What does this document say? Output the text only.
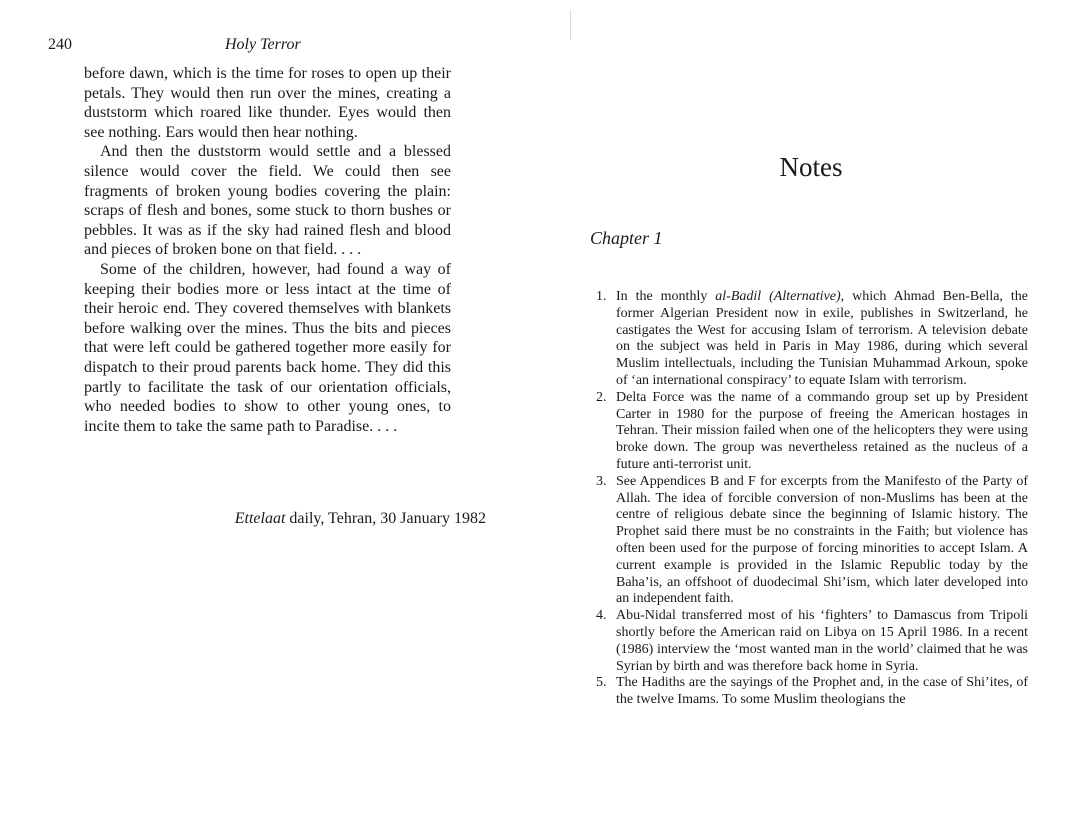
240	Holy Terror

before dawn, which is the time for roses to open up their petals. They would then run over the mines, creating a duststorm which roared like thunder. Eyes would then see nothing. Ears would then hear nothing.

And then the duststorm would settle and a blessed silence would cover the field. We could then see fragments of broken young bodies covering the plain: scraps of flesh and bones, some stuck to thorn bushes or pebbles. It was as if the sky had rained flesh and blood and pieces of broken bone on that field. . . .

Some of the children, however, had found a way of keeping their bodies more or less intact at the time of their heroic end. They covered themselves with blankets before walking over the mines. Thus the bits and pieces that were left could be gathered together more easily for dispatch to their proud parents back home. They did this partly to facilitate the task of our orientation officials, who needed bodies to show to other young ones, to incite them to take the same path to Paradise. . . .

Ettelaat daily, Tehran, 30 January 1982
Notes
Chapter 1
1. In the monthly al-Badil (Alternative), which Ahmad Ben-Bella, the former Algerian President now in exile, publishes in Switzerland, he castigates the West for accusing Islam of terrorism. A television debate on the subject was held in Paris in May 1986, during which several Muslim intellectuals, including the Tunisian Muhammad Arkoun, spoke of ‘an international conspiracy’ to equate Islam with terrorism.
2. Delta Force was the name of a commando group set up by President Carter in 1980 for the purpose of freeing the American hostages in Tehran. Their mission failed when one of the helicopters they were using broke down. The group was nevertheless retained as the nucleus of a future anti-terrorist unit.
3. See Appendices B and F for excerpts from the Manifesto of the Party of Allah. The idea of forcible conversion of non-Muslims has been at the centre of religious debate since the beginning of Islamic history. The Prophet said there must be no constraints in the Faith; but violence has often been used for the purpose of forcing minorities to accept Islam. A current example is provided in the Islamic Republic today by the Baha’is, an offshoot of duodecimal Shi’ism, which later developed into an independent faith.
4. Abu-Nidal transferred most of his ‘fighters’ to Damascus from Tripoli shortly before the American raid on Libya on 15 April 1986. In a recent (1986) interview the ‘most wanted man in the world’ claimed that he was Syrian by birth and was therefore back home in Syria.
5. The Hadiths are the sayings of the Prophet and, in the case of Shi’ites, of the twelve Imams. To some Muslim theologians the
